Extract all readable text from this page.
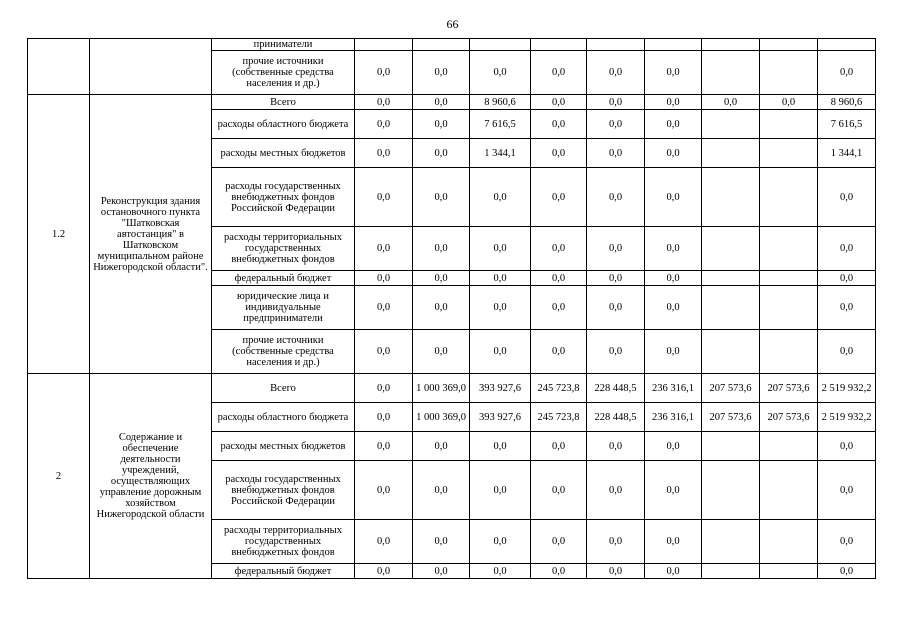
66
		приниматели									
		прочие источники (собственные средства населения и др.)	0,0	0,0	0,0	0,0	0,0	0,0			0,0
1.2	Реконструкция здания остановочного пункта "Шатковская автостанция" в Шатковском муниципальном районе Нижегородской области".	Всего	0,0	0,0	8 960,6	0,0	0,0	0,0	0,0	0,0	8 960,6
		расходы областного бюджета	0,0	0,0	7 616,5	0,0	0,0	0,0			7 616,5
		расходы местных бюджетов	0,0	0,0	1 344,1	0,0	0,0	0,0			1 344,1
		расходы государственных внебюджетных фондов Российской Федерации	0,0	0,0	0,0	0,0	0,0	0,0			0,0
		расходы территориальных государственных внебюджетных фондов	0,0	0,0	0,0	0,0	0,0	0,0			0,0
		федеральный бюджет	0,0	0,0	0,0	0,0	0,0	0,0			0,0
		юридические лица и индивидуальные предприниматели	0,0	0,0	0,0	0,0	0,0	0,0			0,0
		прочие источники (собственные средства населения и др.)	0,0	0,0	0,0	0,0	0,0	0,0			0,0
2	Содержание и обеспечение деятельности учреждений, осуществляющих управление дорожным хозяйством Нижегородской области	Всего	0,0	1 000 369,0	393 927,6	245 723,8	228 448,5	236 316,1	207 573,6	207 573,6	2 519 932,2
		расходы областного бюджета	0,0	1 000 369,0	393 927,6	245 723,8	228 448,5	236 316,1	207 573,6	207 573,6	2 519 932,2
		расходы местных бюджетов	0,0	0,0	0,0	0,0	0,0	0,0			0,0
		расходы государственных внебюджетных фондов Российской Федерации	0,0	0,0	0,0	0,0	0,0	0,0			0,0
		расходы территориальных государственных внебюджетных фондов	0,0	0,0	0,0	0,0	0,0	0,0			0,0
		федеральный бюджет	0,0	0,0	0,0	0,0	0,0	0,0			0,0
